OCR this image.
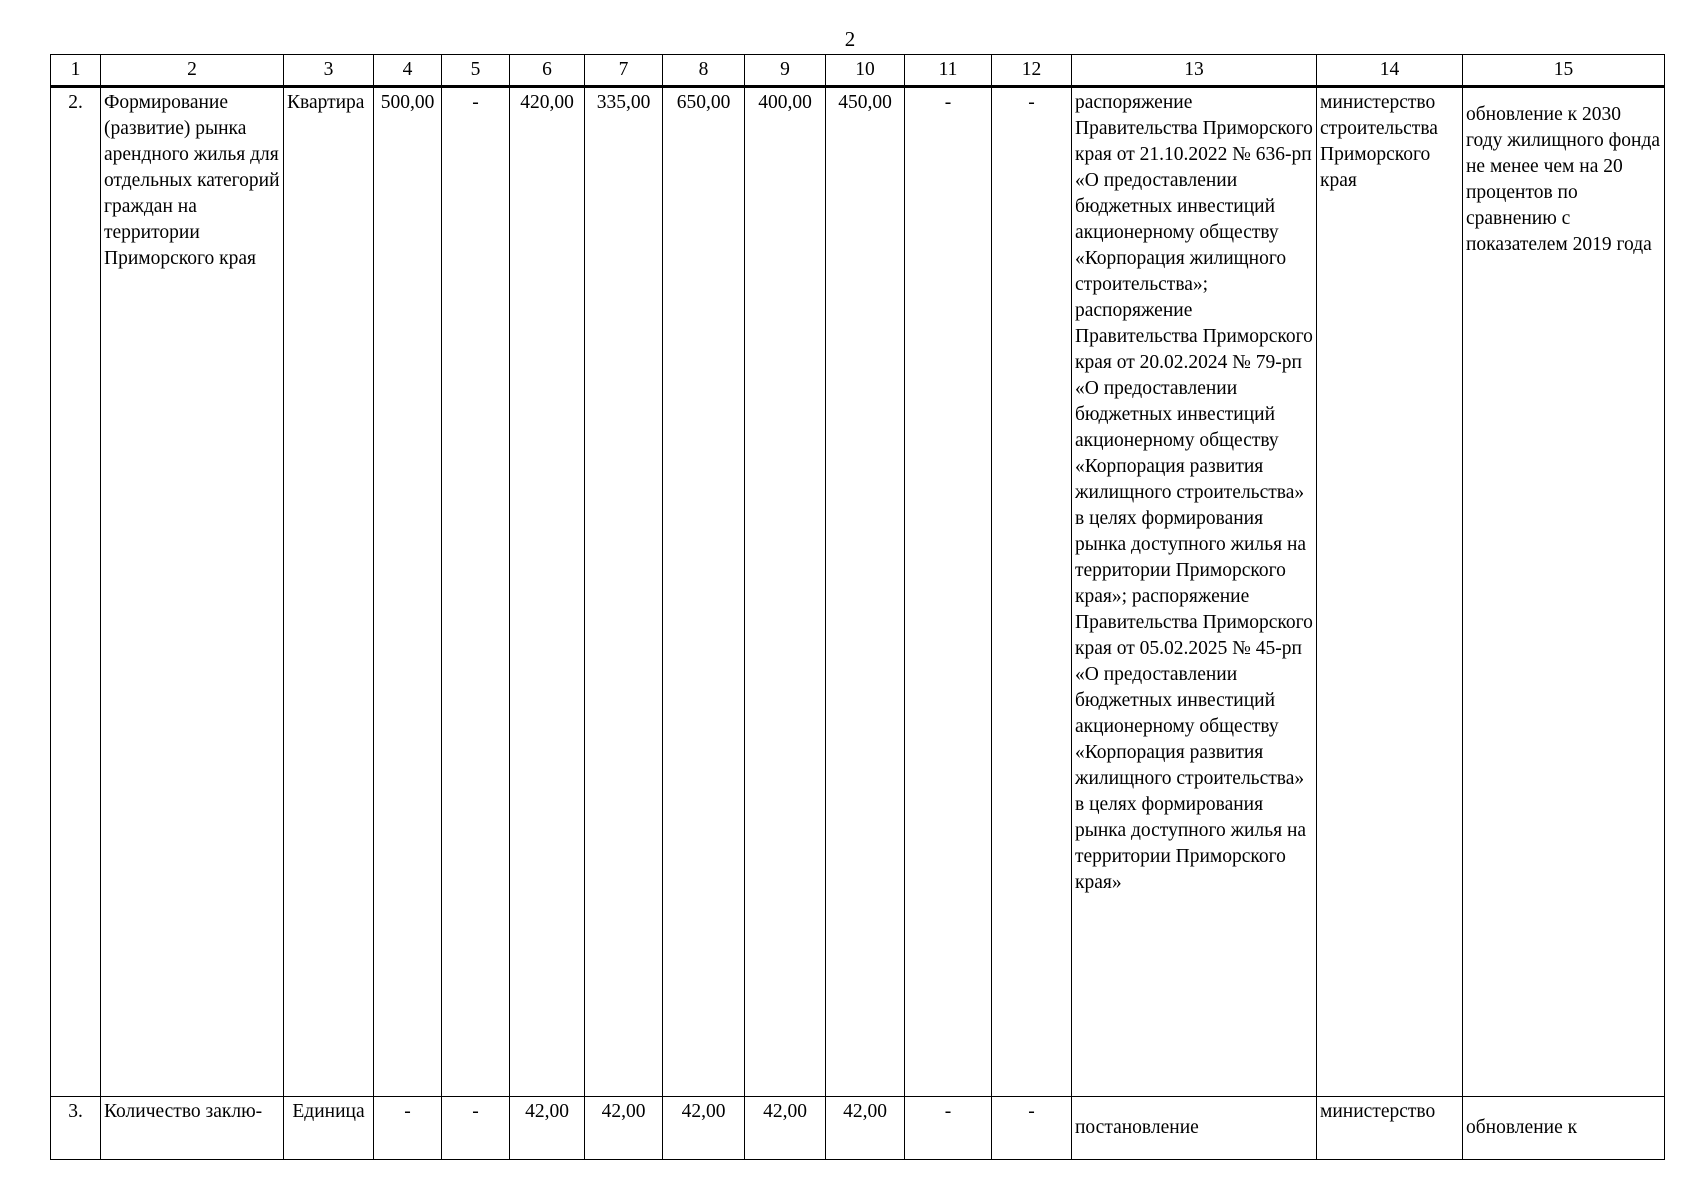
2
1	2	3	4	5	6	7	8	9	10	11	12	13	14	15
2.	Формирование (развитие) рынка арендного жилья для отдельных категорий граждан на территории Приморского края	Квартира	500,00	-	420,00	335,00	650,00	400,00	450,00	-	-	распоряжение Правительства Приморского края от 21.10.2022 № 636-рп «О предоставлении бюджетных инвестиций акционерному обществу «Корпорация жилищного строительства»; распоряжение Правительства Приморского края от 20.02.2024 № 79-рп «О предоставлении бюджетных инвестиций акционерному обществу «Корпорация развития жилищного строительства» в целях формирования рынка доступного жилья на территории Приморского края»; распоряжение Правительства Приморского края от 05.02.2025 № 45-рп «О предоставлении бюджетных инвестиций акционерному обществу «Корпорация развития жилищного строительства» в целях формирования рынка доступного жилья на территории Приморского края»	министерство строительства Приморского края	обновление к 2030 году жилищного фонда не менее чем на 20 процентов по сравнению с показателем 2019 года
3.	Количество заклю-	Единица	-	-	42,00	42,00	42,00	42,00	42,00	-	-	постановление	министерство	обновление к
